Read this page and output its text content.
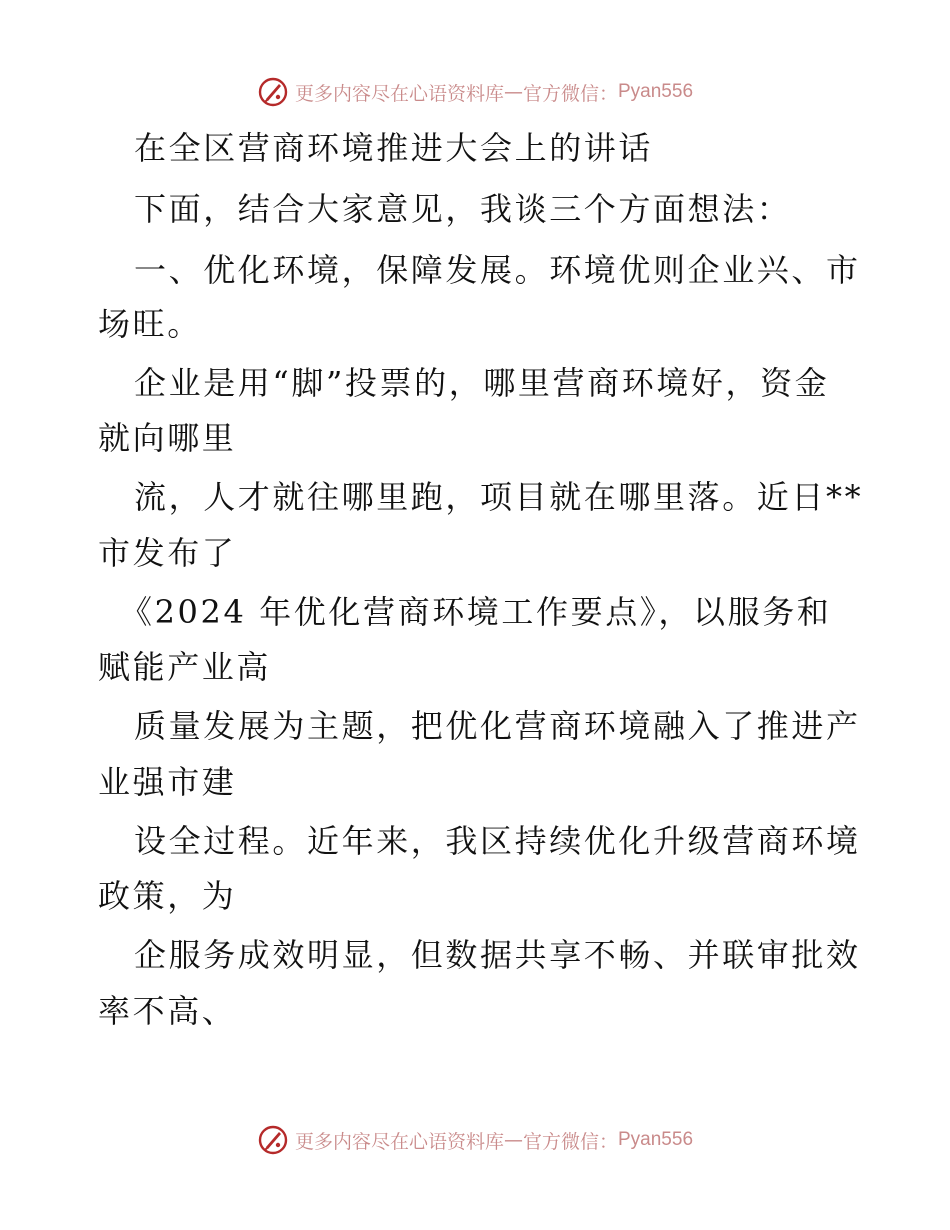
更多内容尽在心语资料库 — 官方微信： Pyan556
在全区营商环境推进大会上的讲话
下面，结合大家意见，我谈三个方面想法：
一、优化环境，保障发展。环境优则企业兴、市
场旺。
企业是用“脚”投票的，哪里营商环境好，资金
就向哪里
流，人才就往哪里跑，项目就在哪里落。近日**
市发布了
《2024 年优化营商环境工作要点》，以服务和
赋能产业高
质量发展为主题，把优化营商环境融入了推进产
业强市建
设全过程。近年来，我区持续优化升级营商环境
政策，为
企服务成效明显，但数据共享不畅、并联审批效
率不高、
更多内容尽在心语资料库 — 官方微信： Pyan556
